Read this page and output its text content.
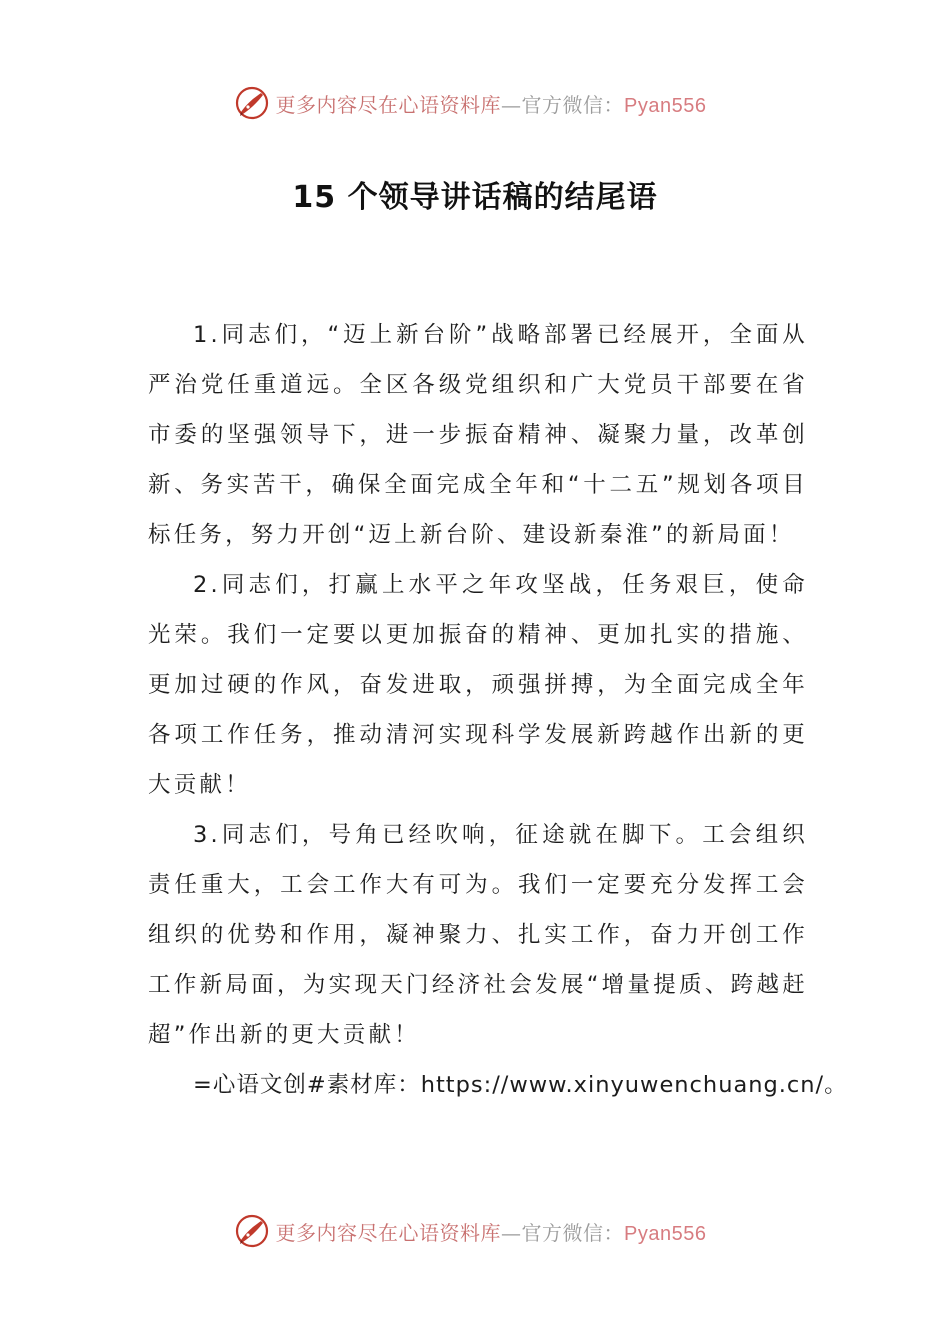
更多内容尽在心语资料库—官方微信：Pyan556
15 个领导讲话稿的结尾语

1.同志们，“迈上新台阶”战略部署已经展开，全面从严治党任重道远。全区各级党组织和广大党员干部要在省市委的坚强领导下，进一步振奋精神、凝聚力量，改革创新、务实苦干，确保全面完成全年和“十二五”规划各项目标任务，努力开创“迈上新台阶、建设新秦淮”的新局面！

2.同志们，打赢上水平之年攻坚战，任务艰巨，使命光荣。我们一定要以更加振奋的精神、更加扎实的措施、更加过硬的作风，奋发进取，顽强拼搏，为全面完成全年各项工作任务，推动清河实现科学发展新跨越作出新的更大贡献！

3.同志们，号角已经吹响，征途就在脚下。工会组织责任重大，工会工作大有可为。我们一定要充分发挥工会组织的优势和作用，凝神聚力、扎实工作，奋力开创工作工作新局面，为实现天门经济社会发展“增量提质、跨越赶超”作出新的更大贡献！

=心语文创#素材库：https://www.xinyuwenchuang.cn/。

更多内容尽在心语资料库—官方微信：Pyan556
